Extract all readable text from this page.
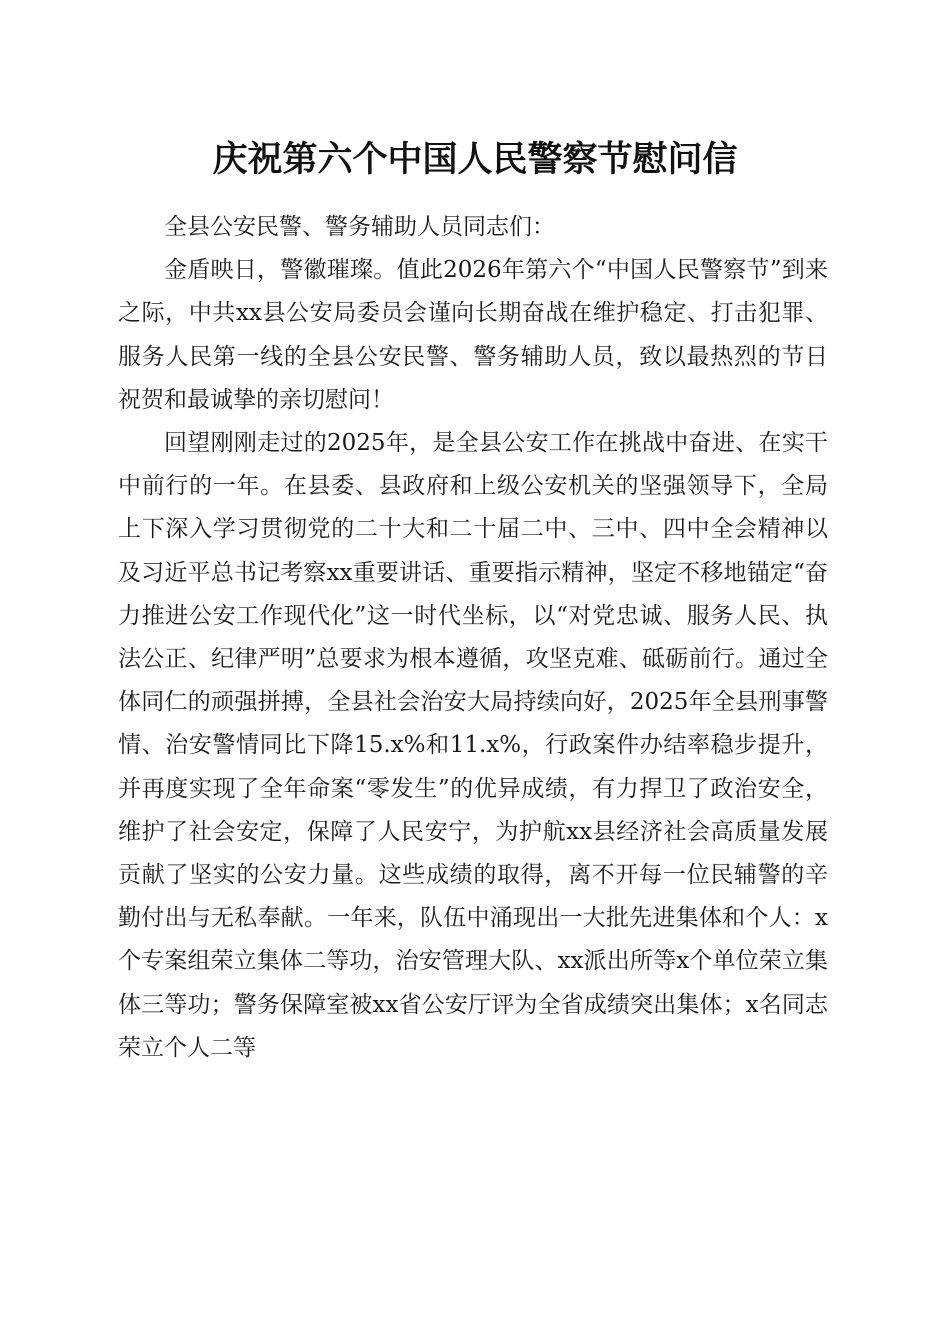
庆祝第六个中国人民警察节慰问信

全县公安民警、警务辅助人员同志们：

金盾映日，警徽璀璨。值此2026年第六个“中国人民警察节”到来之际，中共xx县公安局委员会谨向长期奋战在维护稳定、打击犯罪、服务人民第一线的全县公安民警、警务辅助人员，致以最热烈的节日祝贺和最诚挚的亲切慰问！

回望刚刚走过的2025年，是全县公安工作在挑战中奋进、在实干中前行的一年。在县委、县政府和上级公安机关的坚强领导下，全局上下深入学习贯彻党的二十大和二十届二中、三中、四中全会精神以及习近平总书记考察xx重要讲话、重要指示精神，坚定不移地锚定“奋力推进公安工作现代化”这一时代坐标，以“对党忠诚、服务人民、执法公正、纪律严明”总要求为根本遵循，攻坚克难、砥砺前行。通过全体同仁的顽强拼搏，全县社会治安大局持续向好，2025年全县刑事警情、治安警情同比下降15.x%和11.x%，行政案件办结率稳步提升，并再度实现了全年命案“零发生”的优异成绩，有力捍卫了政治安全，维护了社会安定，保障了人民安宁，为护航xx县经济社会高质量发展贡献了坚实的公安力量。这些成绩的取得，离不开每一位民辅警的辛勤付出与无私奉献。一年来，队伍中涌现出一大批先进集体和个人：x个专案组荣立集体二等功，治安管理大队、xx派出所等x个单位荣立集体三等功；警务保障室被xx省公安厅评为全省成绩突出集体；x名同志荣立个人二等
